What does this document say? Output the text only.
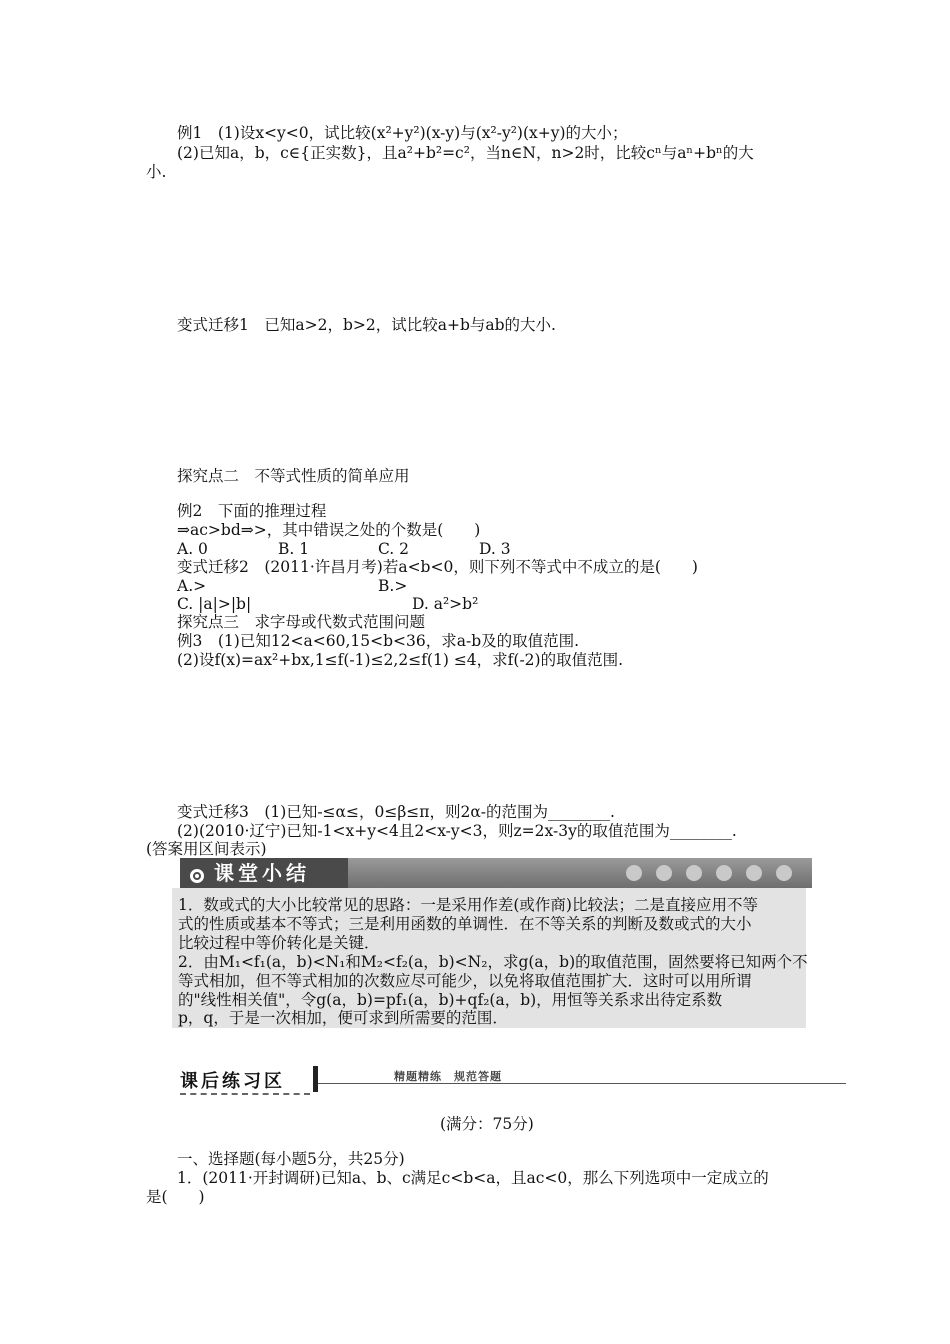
例1　(1)设x<y<0，试比较(x²+y²)(x-y)与(x²-y²)(x+y)的大小；
(2)已知a，b，c∈{正实数}，且a²+b²=c²，当n∈N，n>2时，比较cⁿ与aⁿ+bⁿ的大
小.
变式迁移1　已知a>2，b>2，试比较a+b与ab的大小.
探究点二　不等式性质的简单应用
例2　下面的推理过程
⇒ac>bd⇒>，其中错误之处的个数是(　　)
A. 0	B. 1	C. 2	D. 3
变式迁移2　(2011·许昌月考)若a<b<0，则下列不等式中不成立的是(　　)
A.>	B.>
C. |a|>|b|	D. a²>b²
探究点三　求字母或代数式范围问题
例3　(1)已知12<a<60,15<b<36，求a-b及的取值范围.
(2)设f(x)=ax²+bx,1≤f(-1)≤2,2≤f(1) ≤4，求f(-2)的取值范围.
变式迁移3　(1)已知-≤α≤，0≤β≤π，则2α-的范围为________.
(2)(2010·辽宁)已知-1<x+y<4且2<x-y<3，则z=2x-3y的取值范围为________.
(答案用区间表示)
课堂小结
1．数或式的大小比较常见的思路：一是采用作差(或作商)比较法；二是直接应用不等
式的性质或基本不等式；三是利用函数的单调性．在不等关系的判断及数或式的大小
比较过程中等价转化是关键．
2．由M₁<f₁(a，b)<N₁和M₂<f₂(a，b)<N₂，求g(a，b)的取值范围，固然要将已知两个不
等式相加，但不等式相加的次数应尽可能少，以免将取值范围扩大．这时可以用所谓
的"线性相关值"，令g(a，b)=pf₁(a，b)+qf₂(a，b)，用恒等关系求出待定系数
p，q，于是一次相加，便可求到所需要的范围．
课后练习区	精题精练　规范答题
(满分：75分)
一、选择题(每小题5分，共25分)
1．(2011·开封调研)已知a、b、c满足c<b<a，且ac<0，那么下列选项中一定成立的
是(　　)
